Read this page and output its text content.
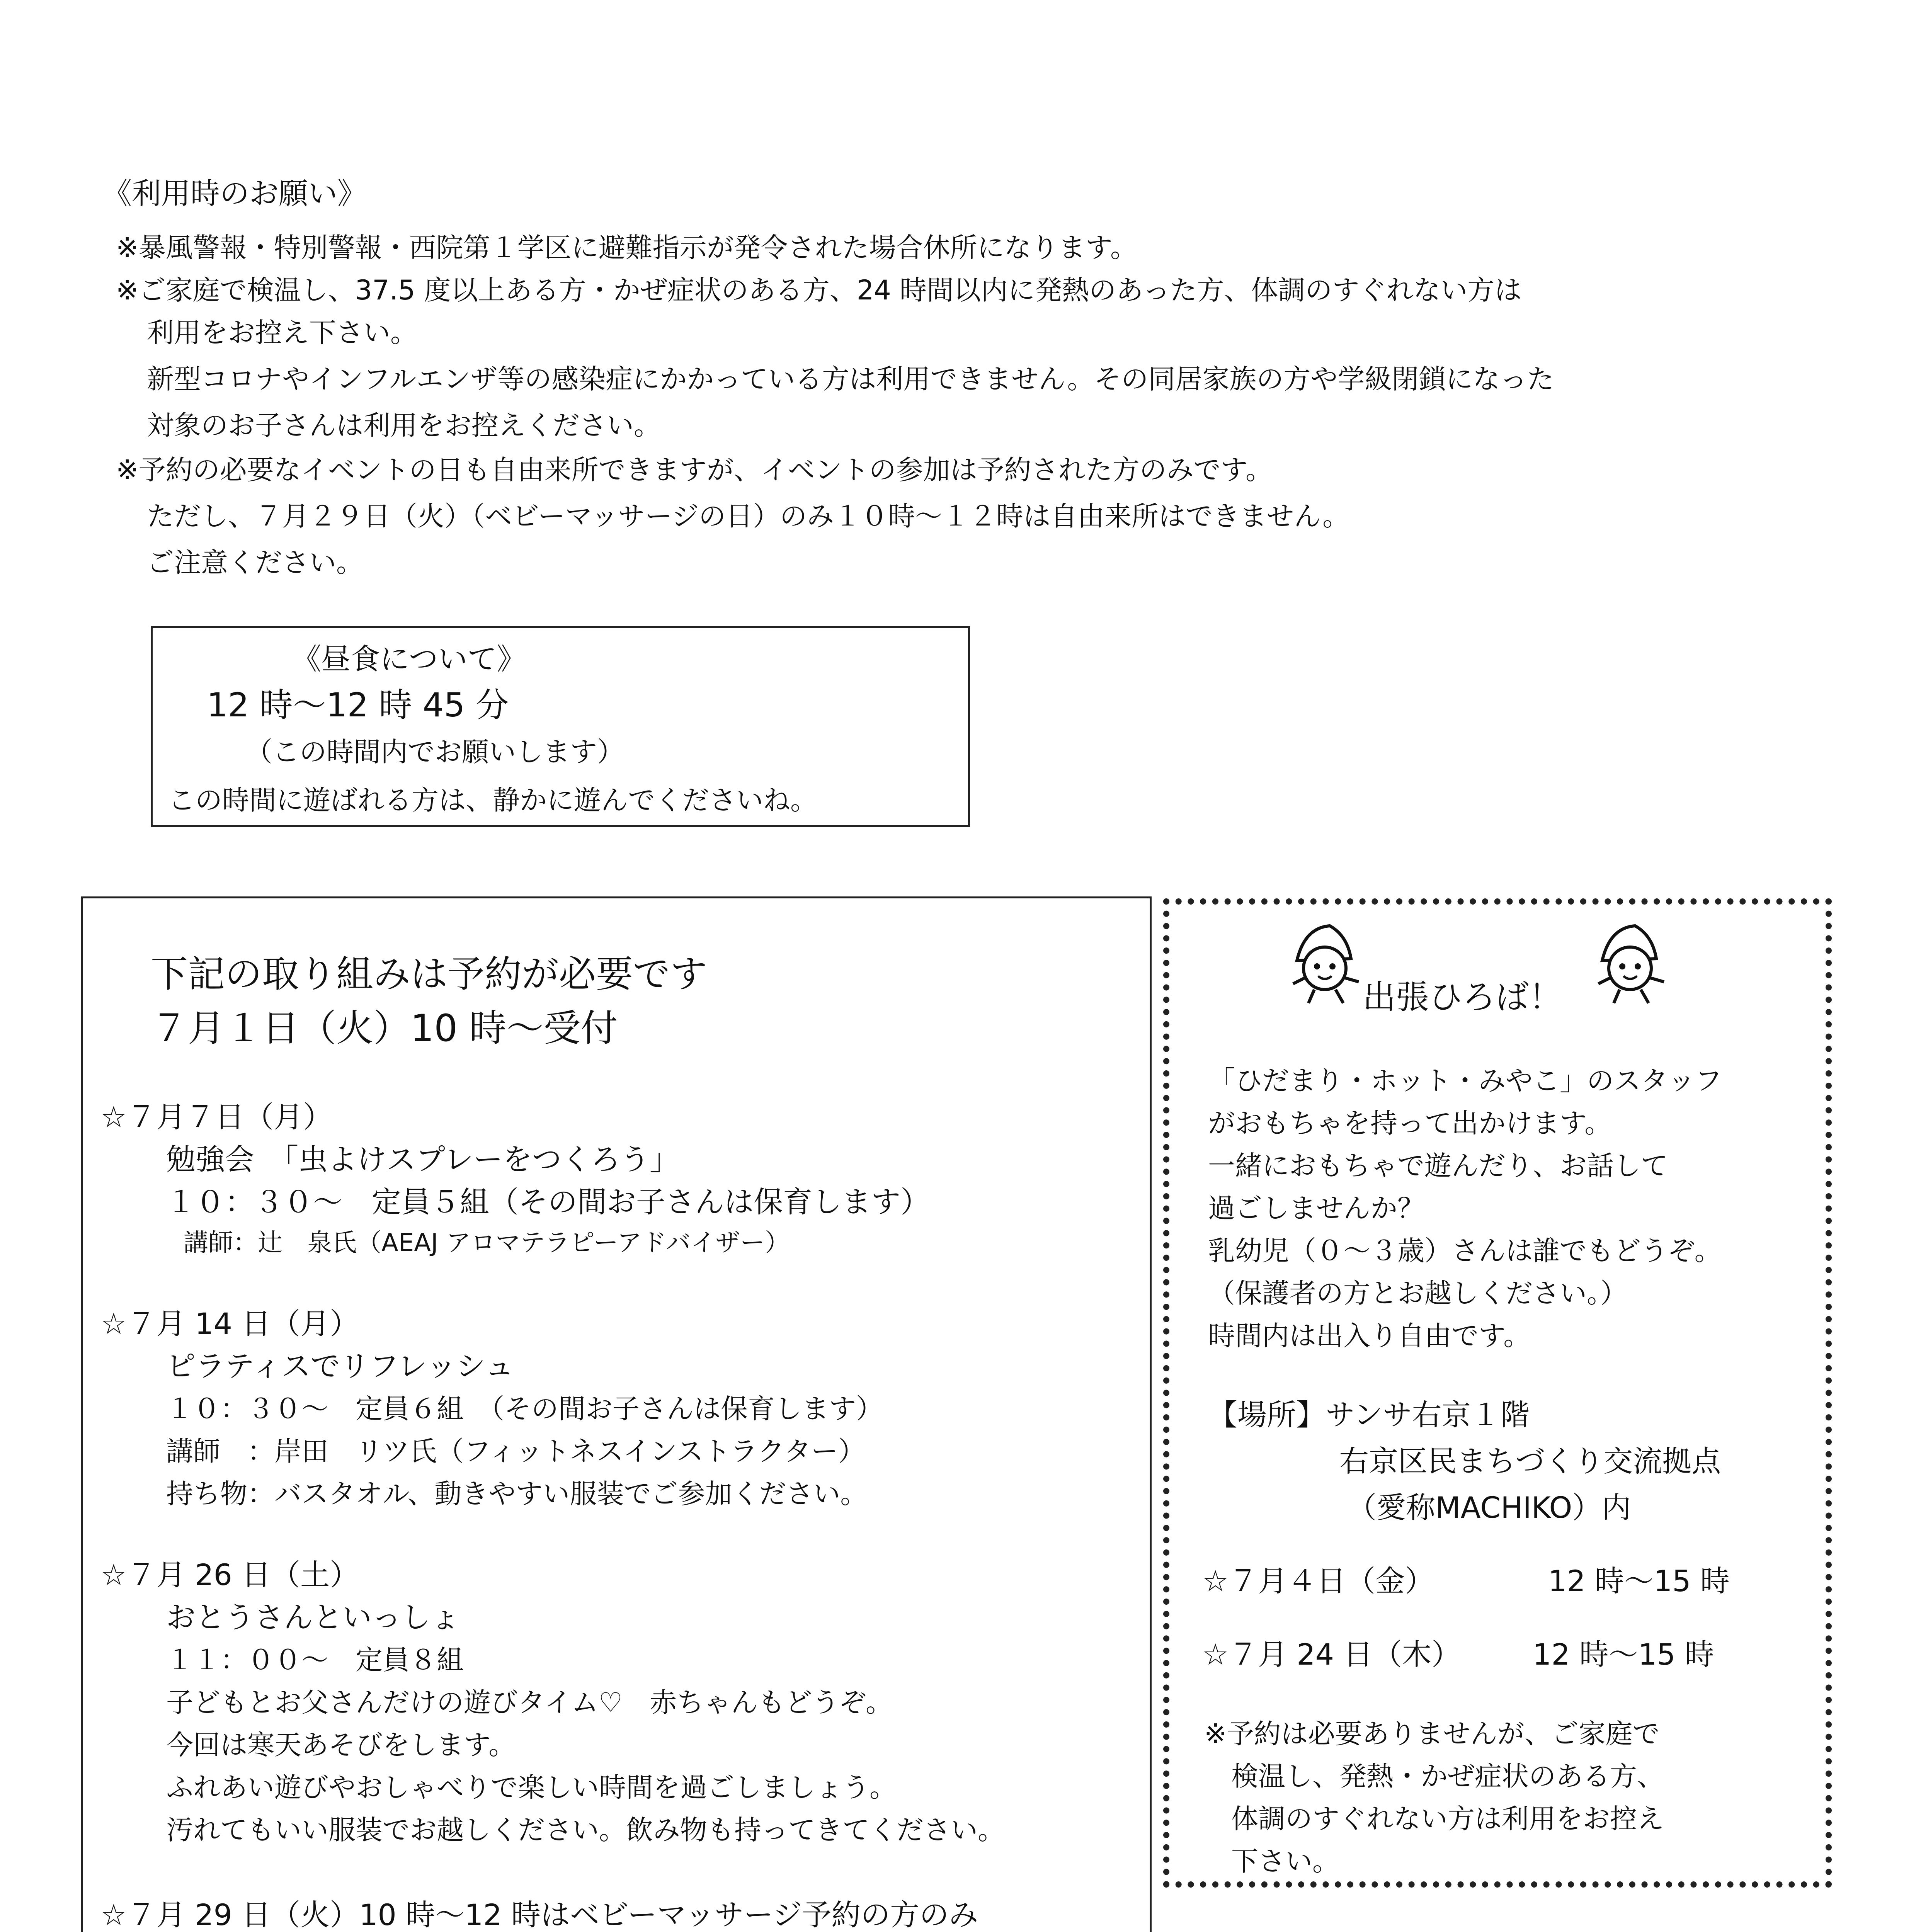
《利用時のお願い》
※暴風警報・特別警報・西院第１学区に避難指示が発令された場合休所になります。
※ご家庭で検温し、37.5 度以上ある方・かぜ症状のある方、24 時間以内に発熱のあった方、体調のすぐれない方は
利用をお控え下さい。
新型コロナやインフルエンザ等の感染症にかかっている方は利用できません。その同居家族の方や学級閉鎖になった
対象のお子さんは利用をお控えください。
※予約の必要なイベントの日も自由来所できますが、イベントの参加は予約された方のみです。
ただし、７月２９日（火）（ベビーマッサージの日）のみ１０時～１２時は自由来所はできません。
ご注意ください。
《昼食について》
12 時～12 時 45 分
（この時間内でお願いします）
この時間に遊ばれる方は、静かに遊んでくださいね。
下記の取り組みは予約が必要です
７月１日（火）10 時～受付
☆７月７日（月）
勉強会　「虫よけスプレーをつくろう」
１０：３０～　定員５組（その間お子さんは保育します）
講師：辻　泉氏（AEAJ アロマテラピーアドバイザー）
☆７月 14 日（月）
ピラティスでリフレッシュ
１０：３０～　定員６組　（その間お子さんは保育します）
講師　：岸田　リツ氏（フィットネスインストラクター）
持ち物：バスタオル、動きやすい服装でご参加ください。
☆７月 26 日（土）
おとうさんといっしょ
１１：００～　定員８組
子どもとお父さんだけの遊びタイム♡　赤ちゃんもどうぞ。
今回は寒天あそびをします。
ふれあい遊びやおしゃべりで楽しい時間を過ごしましょう。
汚れてもいい服装でお越しください。飲み物も持ってきてください。
☆７月 29 日（火）10 時～12 時はベビーマッサージ予約の方のみ
出張ひろば！
「ひだまり・ホット・みやこ」のスタッフ
がおもちゃを持って出かけます。
一緒におもちゃで遊んだり、お話して
過ごしませんか？
乳幼児（０～３歳）さんは誰でもどうぞ。
（保護者の方とお越しください。）
時間内は出入り自由です。
【場所】サンサ右京１階
右京区民まちづくり交流拠点
（愛称MACHIKO）内
☆７月４日（金）	12 時～15 時
☆７月 24 日（木） 12 時～15 時
※予約は必要ありませんが、ご家庭で
検温し、発熱・かぜ症状のある方、
体調のすぐれない方は利用をお控え
下さい。
